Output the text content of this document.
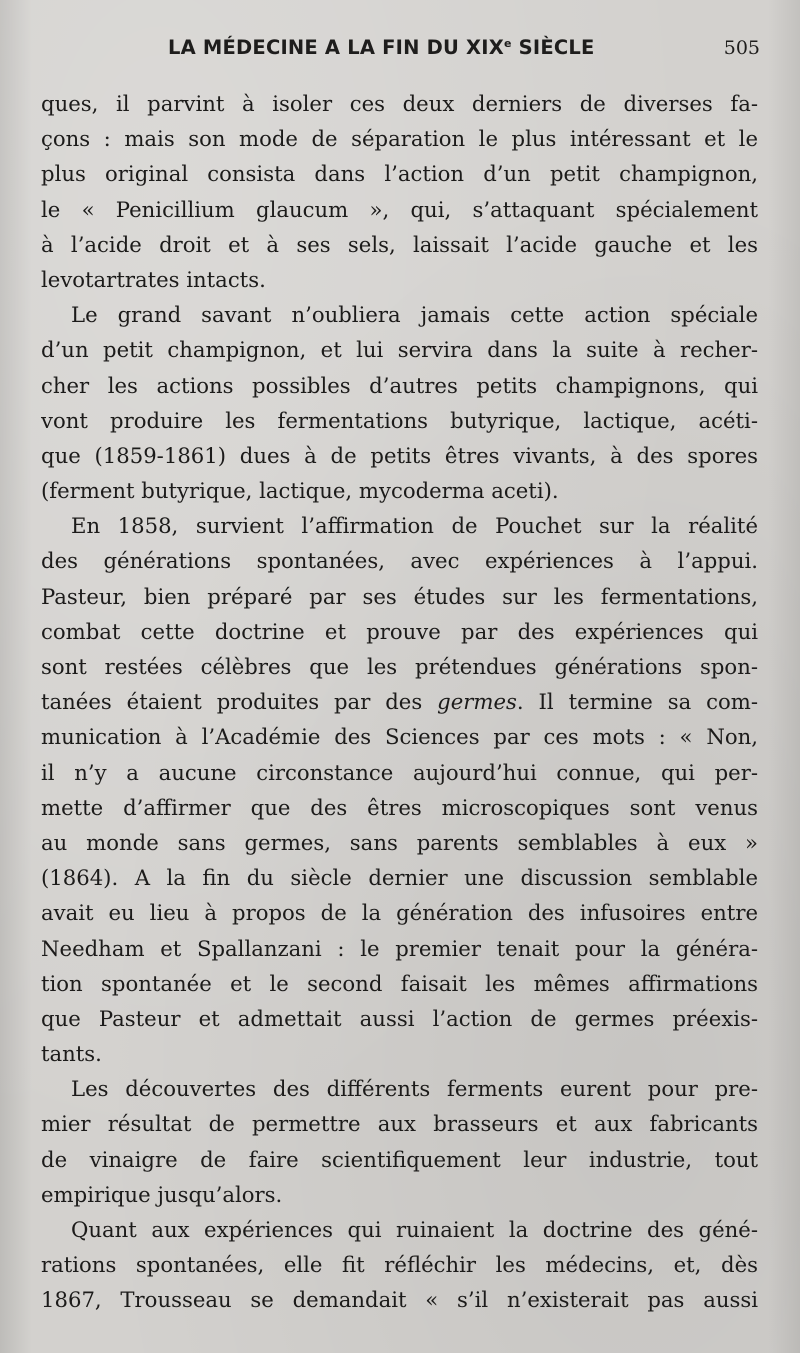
LA MÉDECINE A LA FIN DU XIXe SIÈCLE	505
ques, il parvint à isoler ces deux derniers de diverses fa-
çons : mais son mode de séparation le plus intéressant et le
plus original consista dans l’action d’un petit champignon,
le « Penicillium glaucum », qui, s’attaquant spécialement
à l’acide droit et à ses sels, laissait l’acide gauche et les
levotartrates intacts.
Le grand savant n’oubliera jamais cette action spéciale
d’un petit champignon, et lui servira dans la suite à recher-
cher les actions possibles d’autres petits champignons, qui
vont produire les fermentations butyrique, lactique, acéti-
que (1859-1861) dues à de petits êtres vivants, à des spores
(ferment butyrique, lactique, mycoderma aceti).
En 1858, survient l’affirmation de Pouchet sur la réalité
des générations spontanées, avec expériences à l’appui.
Pasteur, bien préparé par ses études sur les fermentations,
combat cette doctrine et prouve par des expériences qui
sont restées célèbres que les prétendues générations spon-
tanées étaient produites par des germes. Il termine sa com-
munication à l’Académie des Sciences par ces mots : « Non,
il n’y a aucune circonstance aujourd’hui connue, qui per-
mette d’affirmer que des êtres microscopiques sont venus
au monde sans germes, sans parents semblables à eux »
(1864). A la fin du siècle dernier une discussion semblable
avait eu lieu à propos de la génération des infusoires entre
Needham et Spallanzani : le premier tenait pour la généra-
tion spontanée et le second faisait les mêmes affirmations
que Pasteur et admettait aussi l’action de germes préexis-
tants.
Les découvertes des différents ferments eurent pour pre-
mier résultat de permettre aux brasseurs et aux fabricants
de vinaigre de faire scientifiquement leur industrie, tout
empirique jusqu’alors.
Quant aux expériences qui ruinaient la doctrine des géné-
rations spontanées, elle fit réfléchir les médecins, et, dès
1867, Trousseau se demandait « s’il n’existerait pas aussi
